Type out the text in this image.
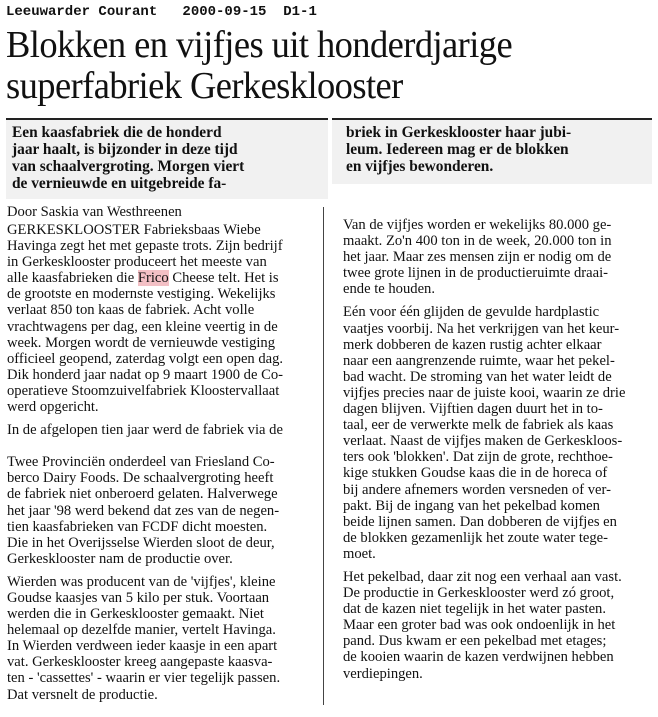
Leeuwarder Courant   2000-09-15  D1-1
Blokken en vijfjes uit honderdjarige
superfabriek Gerkesklooster
Een kaasfabriek die de honderd
jaar haalt, is bijzonder in deze tijd
van schaalvergroting. Morgen viert
de vernieuwde en uitgebreide fa-
briek in Gerkesklooster haar jubi-
leum. Iedereen mag er de blokken
en vijfjes bewonderen.
Door Saskia van Westhreenen
GERKESKLOOSTER Fabrieksbaas Wiebe
Havinga zegt het met gepaste trots. Zijn bedrijf
in Gerkesklooster produceert het meeste van
alle kaasfabrieken die Frico Cheese telt. Het is
de grootste en modernste vestiging. Wekelijks
verlaat 850 ton kaas de fabriek. Acht volle
vrachtwagens per dag, een kleine veertig in de
week. Morgen wordt de vernieuwde vestiging
officieel geopend, zaterdag volgt een open dag.
Dik honderd jaar nadat op 9 maart 1900 de Co-
operatieve Stoomzuivelfabriek Kloostervallaat
werd opgericht.
In de afgelopen tien jaar werd de fabriek via de
Twee Provinciën onderdeel van Friesland Co-
berco Dairy Foods. De schaalvergroting heeft
de fabriek niet onberoerd gelaten. Halverwege
het jaar '98 werd bekend dat zes van de negen-
tien kaasfabrieken van FCDF dicht moesten.
Die in het Overijsselse Wierden sloot de deur,
Gerkesklooster nam de productie over.
Wierden was producent van de 'vijfjes', kleine
Goudse kaasjes van 5 kilo per stuk. Voortaan
werden die in Gerkesklooster gemaakt. Niet
helemaal op dezelfde manier, vertelt Havinga.
In Wierden verdween ieder kaasje in een apart
vat. Gerkesklooster kreeg aangepaste kaasva-
ten - 'cassettes' - waarin er vier tegelijk passen.
Dat versnelt de productie.
Van de vijfjes worden er wekelijks 80.000 ge-
maakt. Zo'n 400 ton in de week, 20.000 ton in
het jaar. Maar zes mensen zijn er nodig om de
twee grote lijnen in de productieruimte draai-
ende te houden.
Eén voor één glijden de gevulde hardplastic
vaatjes voorbij. Na het verkrijgen van het keur-
merk dobberen de kazen rustig achter elkaar
naar een aangrenzende ruimte, waar het pekel-
bad wacht. De stroming van het water leidt de
vijfjes precies naar de juiste kooi, waarin ze drie
dagen blijven. Vijftien dagen duurt het in to-
taal, eer de verwerkte melk de fabriek als kaas
verlaat. Naast de vijfjes maken de Gerkeskloos-
ters ook 'blokken'. Dat zijn de grote, rechthoe-
kige stukken Goudse kaas die in de horeca of
bij andere afnemers worden versneden of ver-
pakt. Bij de ingang van het pekelbad komen
beide lijnen samen. Dan dobberen de vijfjes en
de blokken gezamenlijk het zoute water tege-
moet.
Het pekelbad, daar zit nog een verhaal aan vast.
De productie in Gerkesklooster werd zó groot,
dat de kazen niet tegelijk in het water pasten.
Maar een groter bad was ook ondoenlijk in het
pand. Dus kwam er een pekelbad met etages;
de kooien waarin de kazen verdwijnen hebben
verdiepingen.
